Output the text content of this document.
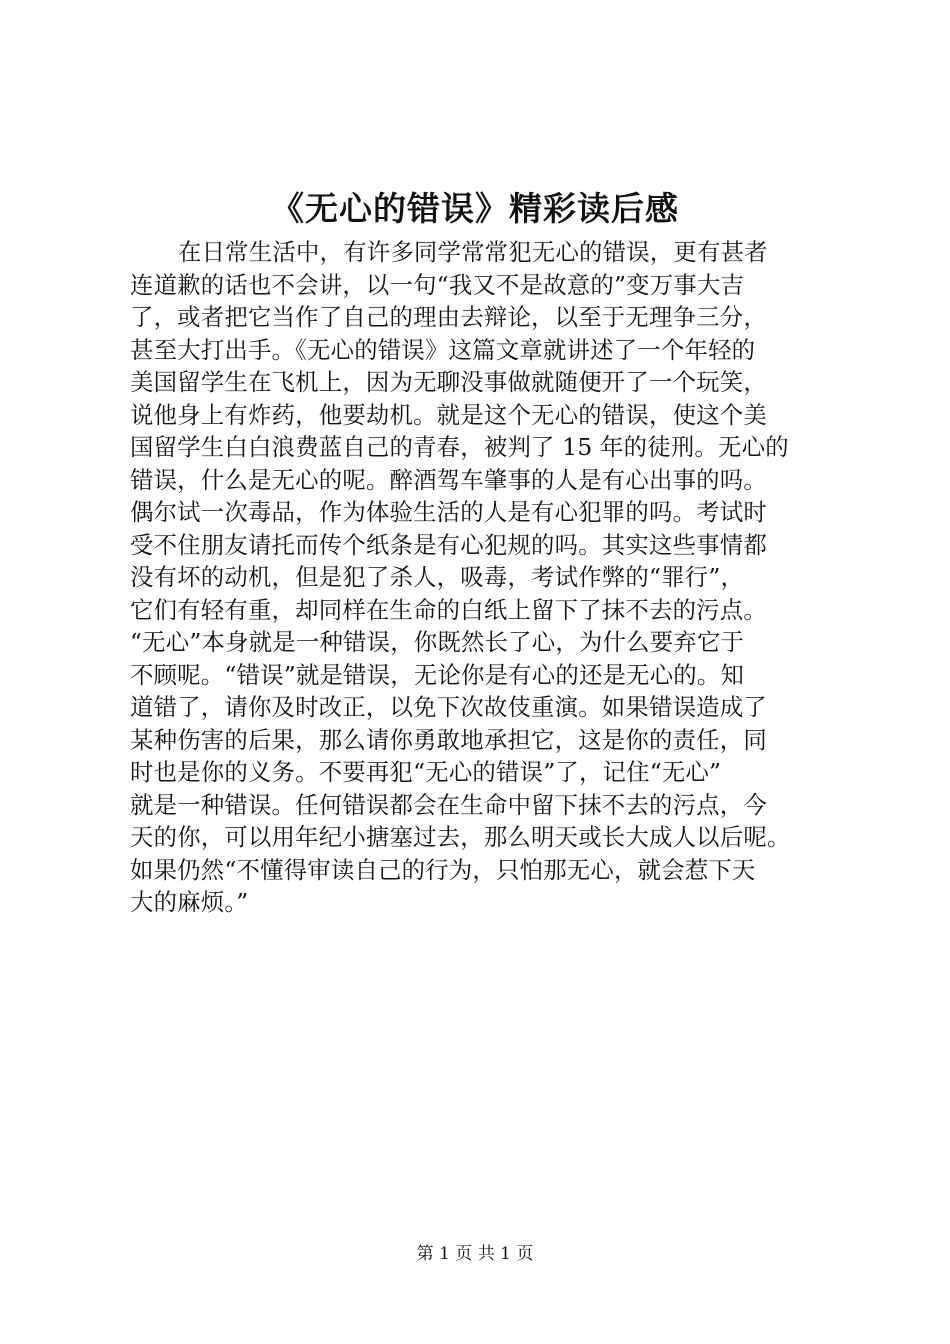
《无心的错误》精彩读后感
在日常生活中，有许多同学常常犯无心的错误，更有甚者
连道歉的话也不会讲，以一句“我又不是故意的”变万事大吉
了，或者把它当作了自己的理由去辩论，以至于无理争三分，
甚至大打出手。《无心的错误》这篇文章就讲述了一个年轻的
美国留学生在飞机上，因为无聊没事做就随便开了一个玩笑，
说他身上有炸药，他要劫机。就是这个无心的错误，使这个美
国留学生白白浪费蓝自己的青春，被判了 15 年的徒刑。无心的
错误，什么是无心的呢。醉酒驾车肇事的人是有心出事的吗。
偶尔试一次毒品，作为体验生活的人是有心犯罪的吗。考试时
受不住朋友请托而传个纸条是有心犯规的吗。其实这些事情都
没有坏的动机，但是犯了杀人，吸毒，考试作弊的“罪行”，
它们有轻有重，却同样在生命的白纸上留下了抹不去的污点。
“无心”本身就是一种错误，你既然长了心，为什么要弃它于
不顾呢。“错误”就是错误，无论你是有心的还是无心的。知
道错了，请你及时改正，以免下次故伎重演。如果错误造成了
某种伤害的后果，那么请你勇敢地承担它，这是你的责任，同
时也是你的义务。不要再犯“无心的错误”了，记住“无心”
就是一种错误。任何错误都会在生命中留下抹不去的污点，今
天的你，可以用年纪小搪塞过去，那么明天或长大成人以后呢。
如果仍然“不懂得审读自己的行为，只怕那无心，就会惹下天
大的麻烦。”
第 1 页 共 1 页
